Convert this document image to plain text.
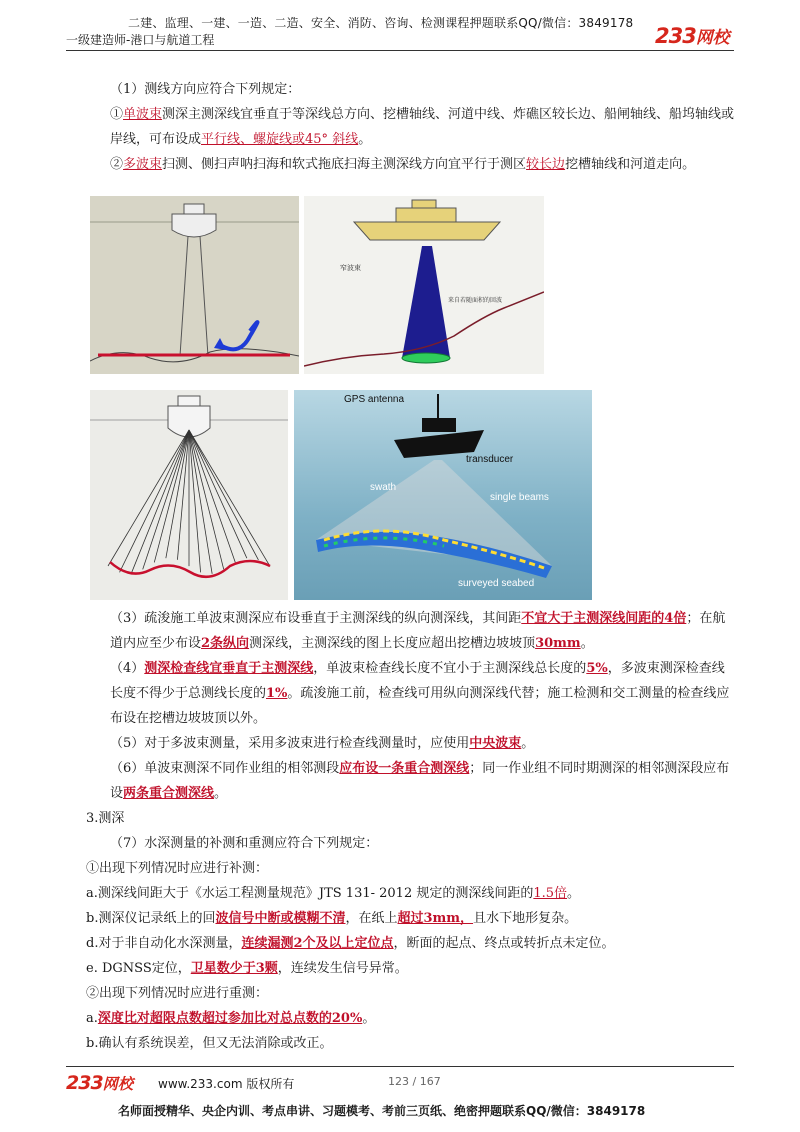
二建、监理、一建、一造、二造、安全、消防、咨询、检测课程押题联系QQ/微信：3849178
一级建造师-港口与航道工程	233网校

（1）测线方向应符合下列规定：

①单波束测深主测深线宜垂直于等深线总方向、挖槽轴线、河道中线、炸礁区较长边、船闸轴线、船坞轴线或岸线，可布设成平行线、螺旋线或45° 斜线。

②多波束扫测、侧扫声呐扫海和软式拖底扫海主测深线方向宜平行于测区较长边挖槽轴线和河道走向。

窄波束
来自若随面积的回波
GPS antenna
transducer
swath
single beams
surveyed seabed

（3）疏浚施工单波束测深应布设垂直于主测深线的纵向测深线，其间距不宜大于主测深线间距的4倍；在航道内应至少布设2条纵向测深线，主测深线的图上长度应超出挖槽边坡坡顶30mm。

（4）测深检查线宜垂直于主测深线，单波束检查线长度不宜小于主测深线总长度的5%，多波束测深检查线长度不得少于总测线长度的1%。疏浚施工前，检查线可用纵向测深线代替；施工检测和交工测量的检查线应布设在挖槽边坡坡顶以外。

（5）对于多波束测量，采用多波束进行检查线测量时，应使用中央波束。

（6）单波束测深不同作业组的相邻测段应布设一条重合测深线；同一作业组不同时期测深的相邻测深段应布设两条重合测深线。

3.测深

（7）水深测量的补测和重测应符合下列规定：

①出现下列情况时应进行补测：

a.测深线间距大于《水运工程测量规范》JTS 131- 2012 规定的测深线间距的1.5倍。

b.测深仪记录纸上的回波信号中断或模糊不清，在纸上超过3mm，且水下地形复杂。

d.对于非自动化水深测量，连续漏测2个及以上定位点，断面的起点、终点或转折点未定位。

e. DGNSS定位，卫星数少于3颗，连续发生信号异常。

②出现下列情况时应进行重测：

a.深度比对超限点数超过参加比对总点数的20%。

b.确认有系统误差，但又无法消除或改正。

233网校 www.233.com 版权所有	123 / 167
名师面授精华、央企内训、考点串讲、习题模考、考前三页纸、绝密押题联系QQ/微信：3849178
